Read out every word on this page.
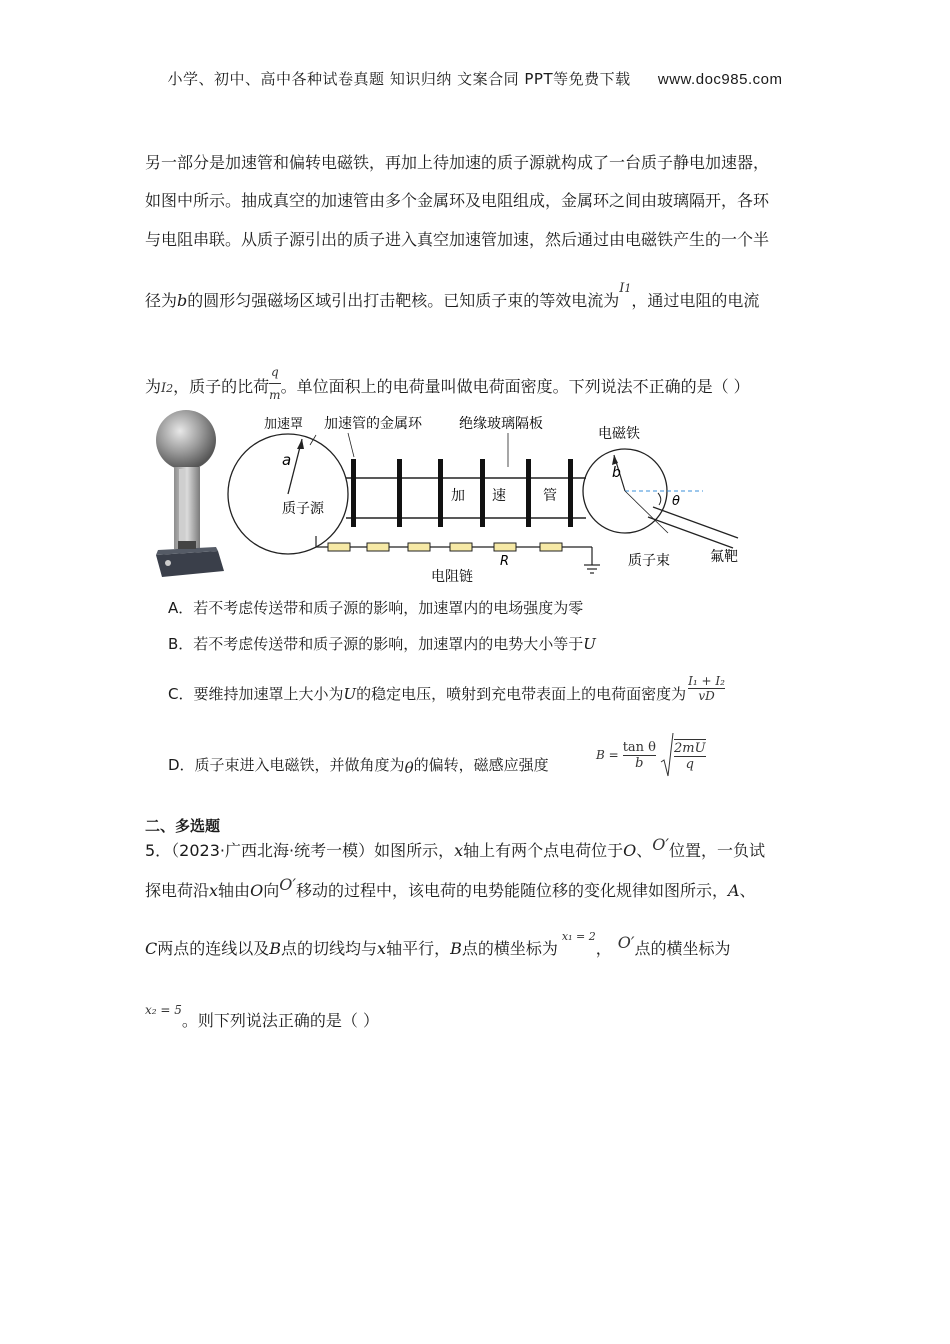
小学、初中、高中各种试卷真题 知识归纳 文案合同 PPT等免费下载 www.doc985.com
另一部分是加速管和偏转电磁铁，再加上待加速的质子源就构成了一台质子静电加速器，
如图中所示。抽成真空的加速管由多个金属环及电阻组成，金属环之间由玻璃隔开，各环
与电阻串联。从质子源引出的质子进入真空加速管加速，然后通过由电磁铁产生的一个半
径为b的圆形匀强磁场区域引出打击靶核。已知质子束的等效电流为$^{I1}$，通过电阻的电流
为I2，质子的比荷 $\frac{q}{m}$ 。单位面积上的电荷量叫做电荷面密度。下列说法不正确的是（ ）
加速罩 加速管的金属环	绝缘玻璃隔板
电磁铁
a
质子源
加 速	管
b
θ
R
电阻链
质子束	氟靶
A．若不考虑传送带和质子源的影响，加速罩内的电场强度为零
B．若不考虑传送带和质子源的影响，加速罩内的电势大小等于U
C．要维持加速罩上大小为U的稳定电压，喷射到充电带表面上的电荷面密度为 $\frac{\text{I₁ + I₂}}{vD}$
D．质子束进入电磁铁，并做角度为θ的偏转，磁感应强度
$B = \frac{\text{tan θ}}{b} \frac{2mU}{q}$
二、多选题
5．（2023·广西北海·统考一模）如图所示，x轴上有两个点电荷位于O、O′位置，一负试
探电荷沿x轴由O向O′移动的过程中，该电荷的电势能随位移的变化规律如图所示，A、
C两点的连线以及B点的切线均与x轴平行，B点的横坐标为$^{x_1 = 2}$， O′点的横坐标为
$^{x_2 = 5}$。则下列说法正确的是（ ）
